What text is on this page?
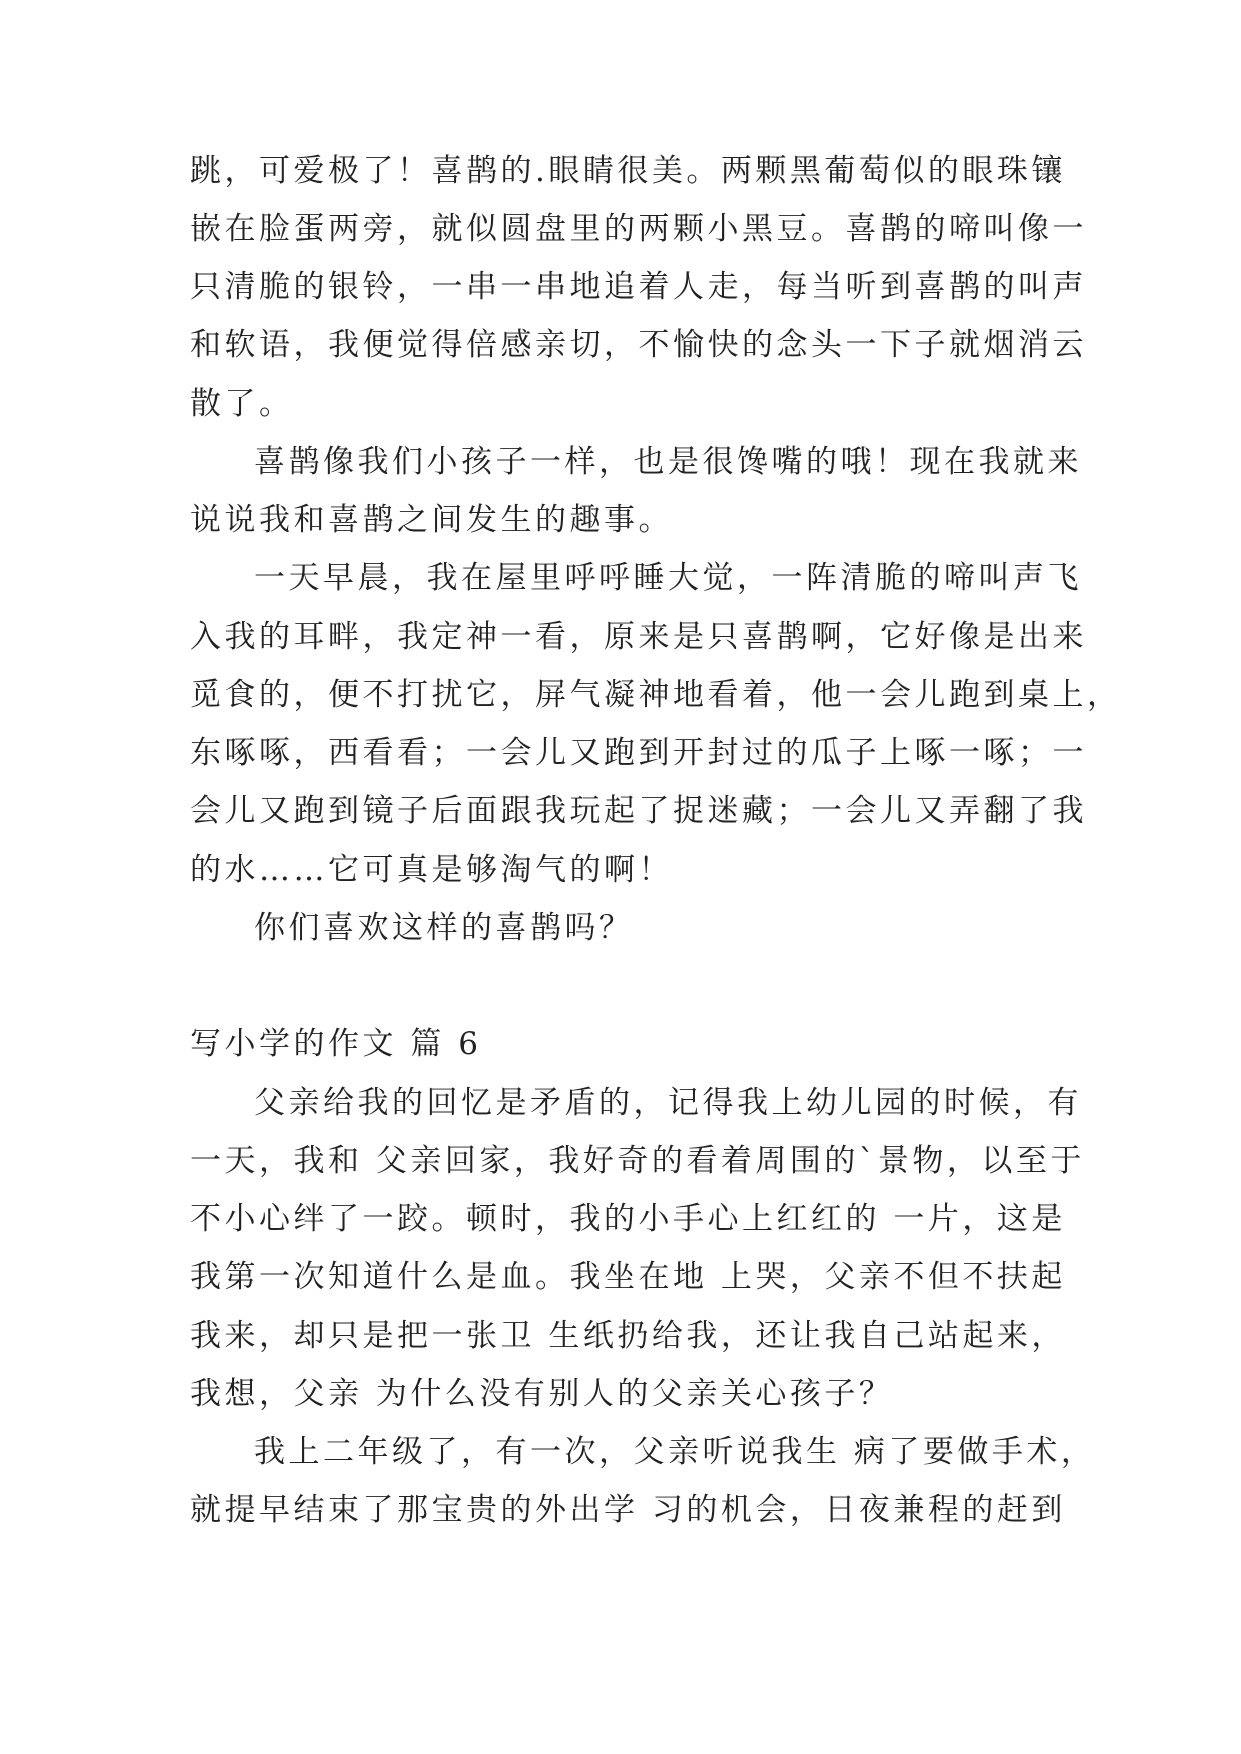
跳，可爱极了！喜鹊的.眼睛很美。两颗黑葡萄似的眼珠镶
嵌在脸蛋两旁，就似圆盘里的两颗小黑豆。喜鹊的啼叫像一
只清脆的银铃，一串一串地追着人走，每当听到喜鹊的叫声
和软语，我便觉得倍感亲切，不愉快的念头一下子就烟消云
散了。
喜鹊像我们小孩子一样，也是很馋嘴的哦！现在我就来
说说我和喜鹊之间发生的趣事。
一天早晨，我在屋里呼呼睡大觉，一阵清脆的啼叫声飞
入我的耳畔，我定神一看，原来是只喜鹊啊，它好像是出来
觅食的，便不打扰它，屏气凝神地看着，他一会儿跑到桌上，
东啄啄，西看看；一会儿又跑到开封过的瓜子上啄一啄；一
会儿又跑到镜子后面跟我玩起了捉迷藏；一会儿又弄翻了我
的水……它可真是够淘气的啊！
你们喜欢这样的喜鹊吗？
写小学的作文 篇 6
父亲给我的回忆是矛盾的，记得我上幼儿园的时候，有
一天，我和 父亲回家，我好奇的看着周围的`景物，以至于
不小心绊了一跤。顿时，我的小手心上红红的 一片，这是
我第一次知道什么是血。我坐在地 上哭，父亲不但不扶起
我来，却只是把一张卫 生纸扔给我，还让我自己站起来，
我想，父亲 为什么没有别人的父亲关心孩子？
我上二年级了，有一次，父亲听说我生 病了要做手术，
就提早结束了那宝贵的外出学 习的机会，日夜兼程的赶到
